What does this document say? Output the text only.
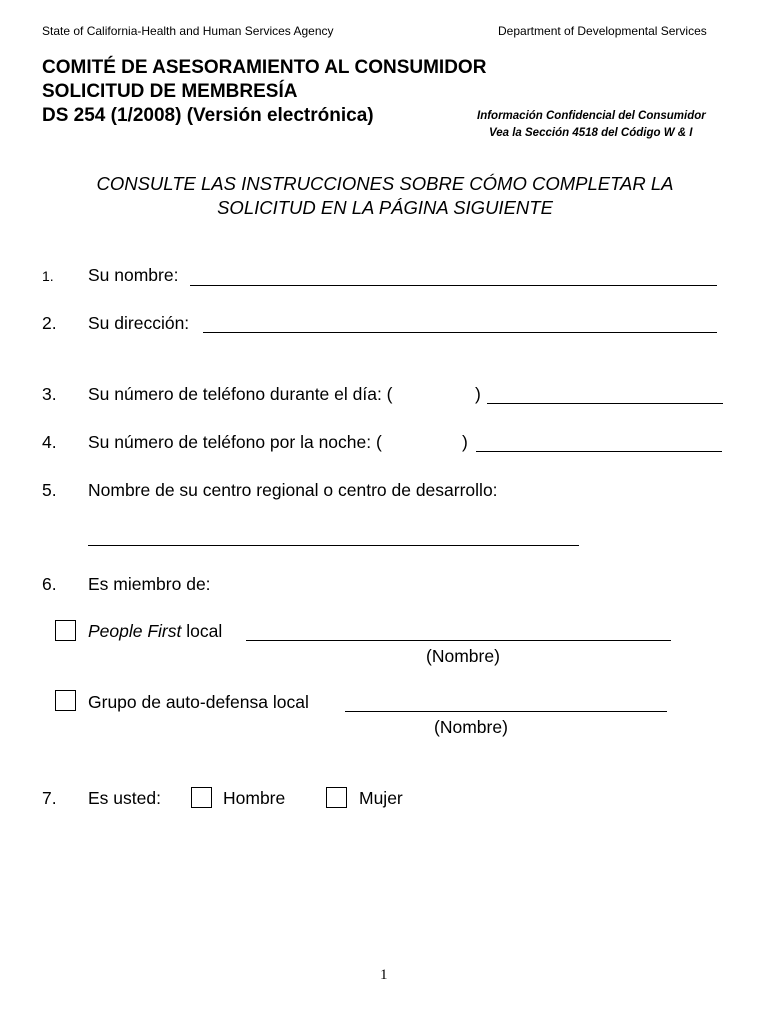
State of California-Health and Human Services Agency	Department of Developmental Services
COMITÉ DE ASESORAMIENTO AL CONSUMIDOR
SOLICITUD DE MEMBRESÍA
DS 254 (1/2008) (Versión electrónica)	Información Confidencial del Consumidor
Vea la Sección 4518 del Código W & I
CONSULTE LAS INSTRUCCIONES SOBRE CÓMO COMPLETAR LA
SOLICITUD EN LA PÁGINA SIGUIENTE
1. Su nombre:
2. Su dirección:
3. Su número de teléfono durante el día: (	)
4. Su número de teléfono por la noche: (	)
5. Nombre de su centro regional o centro de desarrollo:
6. Es miembro de:
People First local
(Nombre)
Grupo de auto-defensa local
(Nombre)
7. Es usted:	Hombre	Mujer
1
